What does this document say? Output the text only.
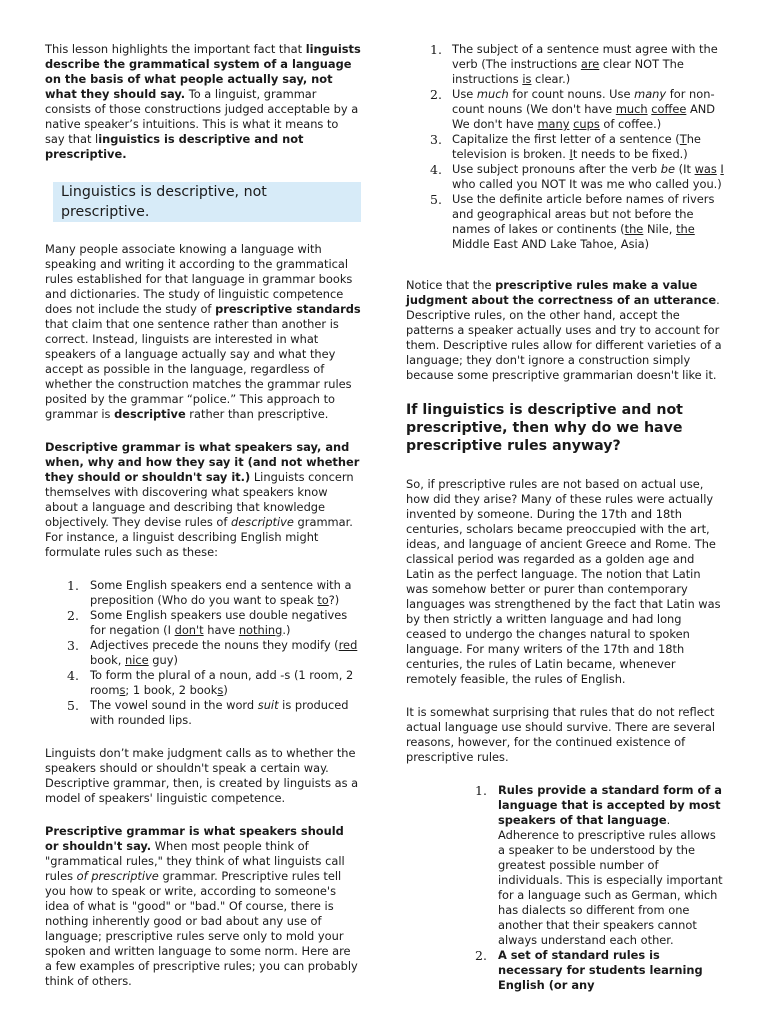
This lesson highlights the important fact that linguists describe the grammatical system of a language on the basis of what people actually say, not what they should say. To a linguist, grammar consists of those constructions judged acceptable by a native speaker’s intuitions. This is what it means to say that linguistics is descriptive and not prescriptive.

Linguistics is descriptive, not prescriptive.

Many people associate knowing a language with speaking and writing it according to the grammatical rules established for that language in grammar books and dictionaries. The study of linguistic competence does not include the study of prescriptive standards that claim that one sentence rather than another is correct. Instead, linguists are interested in what speakers of a language actually say and what they accept as possible in the language, regardless of whether the construction matches the grammar rules posited by the grammar “police.” This approach to grammar is descriptive rather than prescriptive.

Descriptive grammar is what speakers say, and when, why and how they say it (and not whether they should or shouldn't say it.) Linguists concern themselves with discovering what speakers know about a language and describing that knowledge objectively. They devise rules of descriptive grammar. For instance, a linguist describing English might formulate rules such as these:

1. Some English speakers end a sentence with a preposition (Who do you want to speak to?)
2. Some English speakers use double negatives for negation (I don't have nothing.)
3. Adjectives precede the nouns they modify (red book, nice guy)
4. To form the plural of a noun, add -s (1 room, 2 rooms; 1 book, 2 books)
5. The vowel sound in the word suit is produced with rounded lips.

Linguists don’t make judgment calls as to whether the speakers should or shouldn't speak a certain way. Descriptive grammar, then, is created by linguists as a model of speakers' linguistic competence.

Prescriptive grammar is what speakers should or shouldn't say. When most people think of "grammatical rules," they think of what linguists call rules of prescriptive grammar. Prescriptive rules tell you how to speak or write, according to someone's idea of what is "good" or "bad." Of course, there is nothing inherently good or bad about any use of language; prescriptive rules serve only to mold your spoken and written language to some norm. Here are a few examples of prescriptive rules; you can probably think of others.

1. The subject of a sentence must agree with the verb (The instructions are clear NOT The instructions is clear.)
2. Use much for count nouns. Use many for non-count nouns (We don't have much coffee AND We don't have many cups of coffee.)
3. Capitalize the first letter of a sentence (The television is broken. It needs to be fixed.)
4. Use subject pronouns after the verb be (It was I who called you NOT It was me who called you.)
5. Use the definite article before names of rivers and geographical areas but not before the names of lakes or continents (the Nile, the Middle East AND Lake Tahoe, Asia)

Notice that the prescriptive rules make a value judgment about the correctness of an utterance. Descriptive rules, on the other hand, accept the patterns a speaker actually uses and try to account for them. Descriptive rules allow for different varieties of a language; they don't ignore a construction simply because some prescriptive grammarian doesn't like it.

If linguistics is descriptive and not prescriptive, then why do we have prescriptive rules anyway?

So, if prescriptive rules are not based on actual use, how did they arise? Many of these rules were actually invented by someone. During the 17th and 18th centuries, scholars became preoccupied with the art, ideas, and language of ancient Greece and Rome. The classical period was regarded as a golden age and Latin as the perfect language. The notion that Latin was somehow better or purer than contemporary languages was strengthened by the fact that Latin was by then strictly a written language and had long ceased to undergo the changes natural to spoken language. For many writers of the 17th and 18th centuries, the rules of Latin became, whenever remotely feasible, the rules of English.

It is somewhat surprising that rules that do not reflect actual language use should survive. There are several reasons, however, for the continued existence of prescriptive rules.

1. Rules provide a standard form of a language that is accepted by most speakers of that language. Adherence to prescriptive rules allows a speaker to be understood by the greatest possible number of individuals. This is especially important for a language such as German, which has dialects so different from one another that their speakers cannot always understand each other.
2. A set of standard rules is necessary for students learning English (or any
